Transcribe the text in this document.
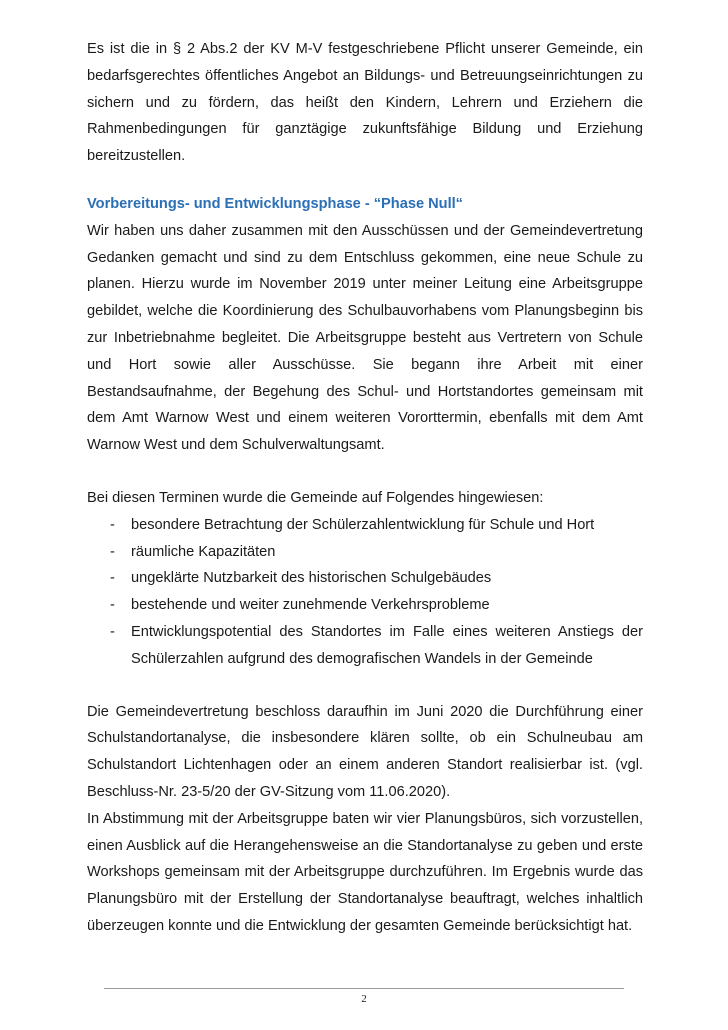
Es ist die in § 2 Abs.2 der KV M-V festgeschriebene Pflicht unserer Gemeinde, ein bedarfsgerechtes öffentliches Angebot an Bildungs- und Betreuungseinrichtungen zu sichern und zu fördern, das heißt den Kindern, Lehrern und Erziehern die Rahmenbedingungen für ganztägige zukunftsfähige Bildung und Erziehung bereitzustellen.

Vorbereitungs- und Entwicklungsphase - “Phase Null“

Wir haben uns daher zusammen mit den Ausschüssen und der Gemeindevertretung Gedanken gemacht und sind zu dem Entschluss gekommen, eine neue Schule zu planen. Hierzu wurde im November 2019 unter meiner Leitung eine Arbeitsgruppe gebildet, welche die Koordinierung des Schulbauvorhabens vom Planungsbeginn bis zur Inbetriebnahme begleitet. Die Arbeitsgruppe besteht aus Vertretern von Schule und Hort sowie aller Ausschüsse. Sie begann ihre Arbeit mit einer Bestandsaufnahme, der Begehung des Schul- und Hortstandortes gemeinsam mit dem Amt Warnow West und einem weiteren Vororttermin, ebenfalls mit dem Amt Warnow West und dem Schulverwaltungsamt.

Bei diesen Terminen wurde die Gemeinde auf Folgendes hingewiesen:

- besondere Betrachtung der Schülerzahlentwicklung für Schule und Hort
- räumliche Kapazitäten
- ungeklärte Nutzbarkeit des historischen Schulgebäudes
- bestehende und weiter zunehmende Verkehrsprobleme
- Entwicklungspotential des Standortes im Falle eines weiteren Anstiegs der Schülerzahlen aufgrund des demografischen Wandels in der Gemeinde

Die Gemeindevertretung beschloss daraufhin im Juni 2020 die Durchführung einer Schulstandortanalyse, die insbesondere klären sollte, ob ein Schulneubau am Schulstandort Lichtenhagen oder an einem anderen Standort realisierbar ist. (vgl. Beschluss-Nr. 23-5/20 der GV-Sitzung vom 11.06.2020).

In Abstimmung mit der Arbeitsgruppe baten wir vier Planungsbüros, sich vorzustellen, einen Ausblick auf die Herangehensweise an die Standortanalyse zu geben und erste Workshops gemeinsam mit der Arbeitsgruppe durchzuführen. Im Ergebnis wurde das Planungsbüro mit der Erstellung der Standortanalyse beauftragt, welches inhaltlich überzeugen konnte und die Entwicklung der gesamten Gemeinde berücksichtigt hat.

2
